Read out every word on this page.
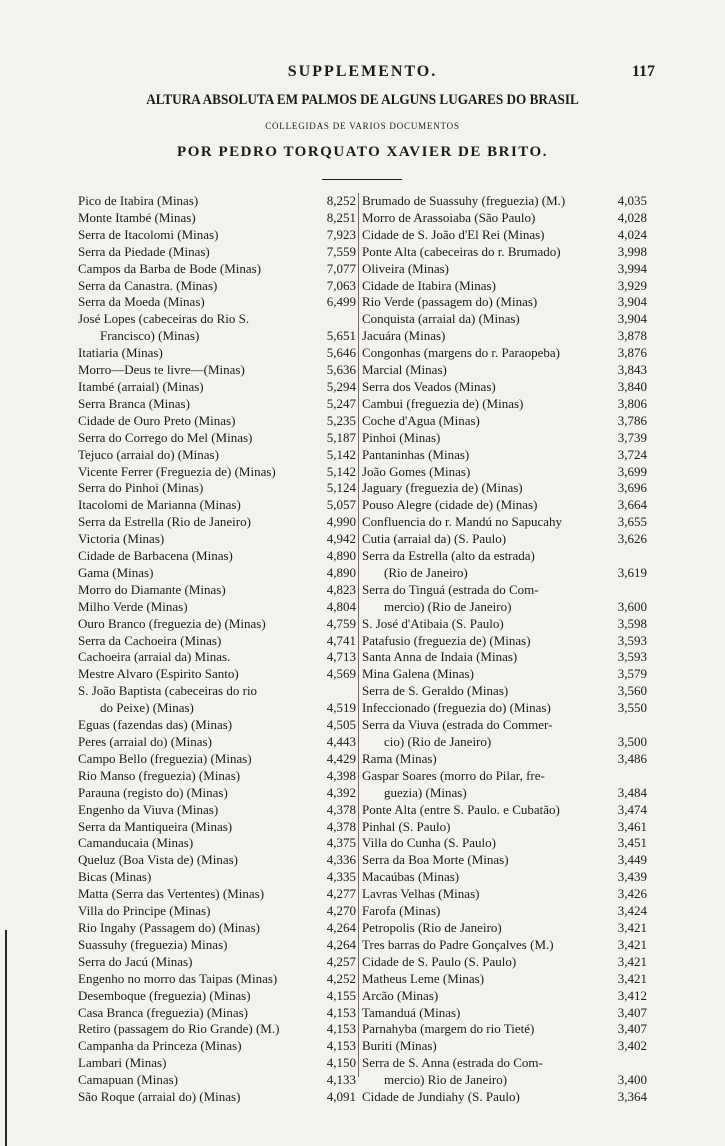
SUPPLEMENTO.	117
ALTURA ABSOLUTA EM PALMOS DE ALGUNS LUGARES DO BRASIL
COLLEGIDAS DE VARIOS DOCUMENTOS
POR PEDRO TORQUATO XAVIER DE BRITO.
Pico de Itabira (Minas)	8,252
Monte Itambé (Minas)	8,251
Serra de Itacolomi (Minas)	7,923
Serra da Piedade (Minas)	7,559
Campos da Barba de Bode (Minas)	7,077
Serra da Canastra. (Minas)	7,063
Serra da Moeda (Minas)	6,499
José Lopes (cabeceiras do Rio S.
Francisco) (Minas)	5,651
Itatiaria (Minas)	5,646
Morro—Deus te livre—(Minas)	5,636
Itambé (arraial) (Minas)	5,294
Serra Branca (Minas)	5,247
Cidade de Ouro Preto (Minas)	5,235
Serra do Corrego do Mel (Minas)	5,187
Tejuco (arraial do) (Minas)	5,142
Vicente Ferrer (Freguezia de) (Minas)	5,142
Serra do Pinhoi (Minas)	5,124
Itacolomi de Marianna (Minas)	5,057
Serra da Estrella (Rio de Janeiro)	4,990
Victoria (Minas)	4,942
Cidade de Barbacena (Minas)	4,890
Gama (Minas)	4,890
Morro do Diamante (Minas)	4,823
Milho Verde (Minas)	4,804
Ouro Branco (freguezia de) (Minas)	4,759
Serra da Cachoeira (Minas)	4,741
Cachoeira (arraial da) Minas.	4,713
Mestre Alvaro (Espirito Santo)	4,569
S. João Baptista (cabeceiras do rio
do Peixe) (Minas)	4,519
Eguas (fazendas das) (Minas)	4,505
Peres (arraial do) (Minas)	4,443
Campo Bello (freguezia) (Minas)	4,429
Rio Manso (freguezia) (Minas)	4,398
Parauna (registo do) (Minas)	4,392
Engenho da Viuva (Minas)	4,378
Serra da Mantiqueira (Minas)	4,378
Camanducaia (Minas)	4,375
Queluz (Boa Vista de) (Minas)	4,336
Bicas (Minas)	4,335
Matta (Serra das Vertentes) (Minas)	4,277
Villa do Principe (Minas)	4,270
Rio Ingahy (Passagem do) (Minas)	4,264
Suassuhy (freguezia) Minas)	4,264
Serra do Jacú (Minas)	4,257
Engenho no morro das Taipas (Minas)	4,252
Desemboque (freguezia) (Minas)	4,155
Casa Branca (freguezia) (Minas)	4,153
Retiro (passagem do Rio Grande) (M.)	4,153
Campanha da Princeza (Minas)	4,153
Lambari (Minas)	4,150
Camapuan (Minas)	4,133
São Roque (arraial do) (Minas)	4,091
Brumado de Suassuhy (freguezia) (M.)	4,035
Morro de Arassoiaba (São Paulo)	4,028
Cidade de S. João d'El Rei (Minas)	4,024
Ponte Alta (cabeceiras do r. Brumado)	3,998
Oliveira (Minas)	3,994
Cidade de Itabira (Minas)	3,929
Rio Verde (passagem do) (Minas)	3,904
Conquista (arraial da) (Minas)	3,904
Jacuára (Minas)	3,878
Congonhas (margens do r. Paraopeba)	3,876
Marcial (Minas)	3,843
Serra dos Veados (Minas)	3,840
Cambui (freguezia de) (Minas)	3,806
Coche d'Agua (Minas)	3,786
Pinhoi (Minas)	3,739
Pantaninhas (Minas)	3,724
João Gomes (Minas)	3,699
Jaguary (freguezia de) (Minas)	3,696
Pouso Alegre (cidade de) (Minas)	3,664
Confluencia do r. Mandú no Sapucahy	3,655
Cutia (arraial da) (S. Paulo)	3,626
Serra da Estrella (alto da estrada)
(Rio de Janeiro)	3,619
Serra do Tinguá (estrada do Com-
mercio) (Rio de Janeiro)	3,600
S. José d'Atibaia (S. Paulo)	3,598
Patafusio (freguezia de) (Minas)	3,593
Santa Anna de Indaia (Minas)	3,593
Mina Galena (Minas)	3,579
Serra de S. Geraldo (Minas)	3,560
Infeccionado (freguezia do) (Minas)	3,550
Serra da Viuva (estrada do Commer-
cio) (Rio de Janeiro)	3,500
Rama (Minas)	3,486
Gaspar Soares (morro do Pilar, fre-
guezia) (Minas)	3,484
Ponte Alta (entre S. Paulo. e Cubatão)	3,474
Pinhal (S. Paulo)	3,461
Villa do Cunha (S. Paulo)	3,451
Serra da Boa Morte (Minas)	3,449
Macaúbas (Minas)	3,439
Lavras Velhas (Minas)	3,426
Farofa (Minas)	3,424
Petropolis (Rio de Janeiro)	3,421
Tres barras do Padre Gonçalves (M.)	3,421
Cidade de S. Paulo (S. Paulo)	3,421
Matheus Leme (Minas)	3,421
Arcão (Minas)	3,412
Tamanduá (Minas)	3,407
Parnahyba (margem do rio Tieté)	3,407
Buriti (Minas)	3,402
Serra de S. Anna (estrada do Com-
mercio) Rio de Janeiro)	3,400
Cidade de Jundiahy (S. Paulo)	3,364
